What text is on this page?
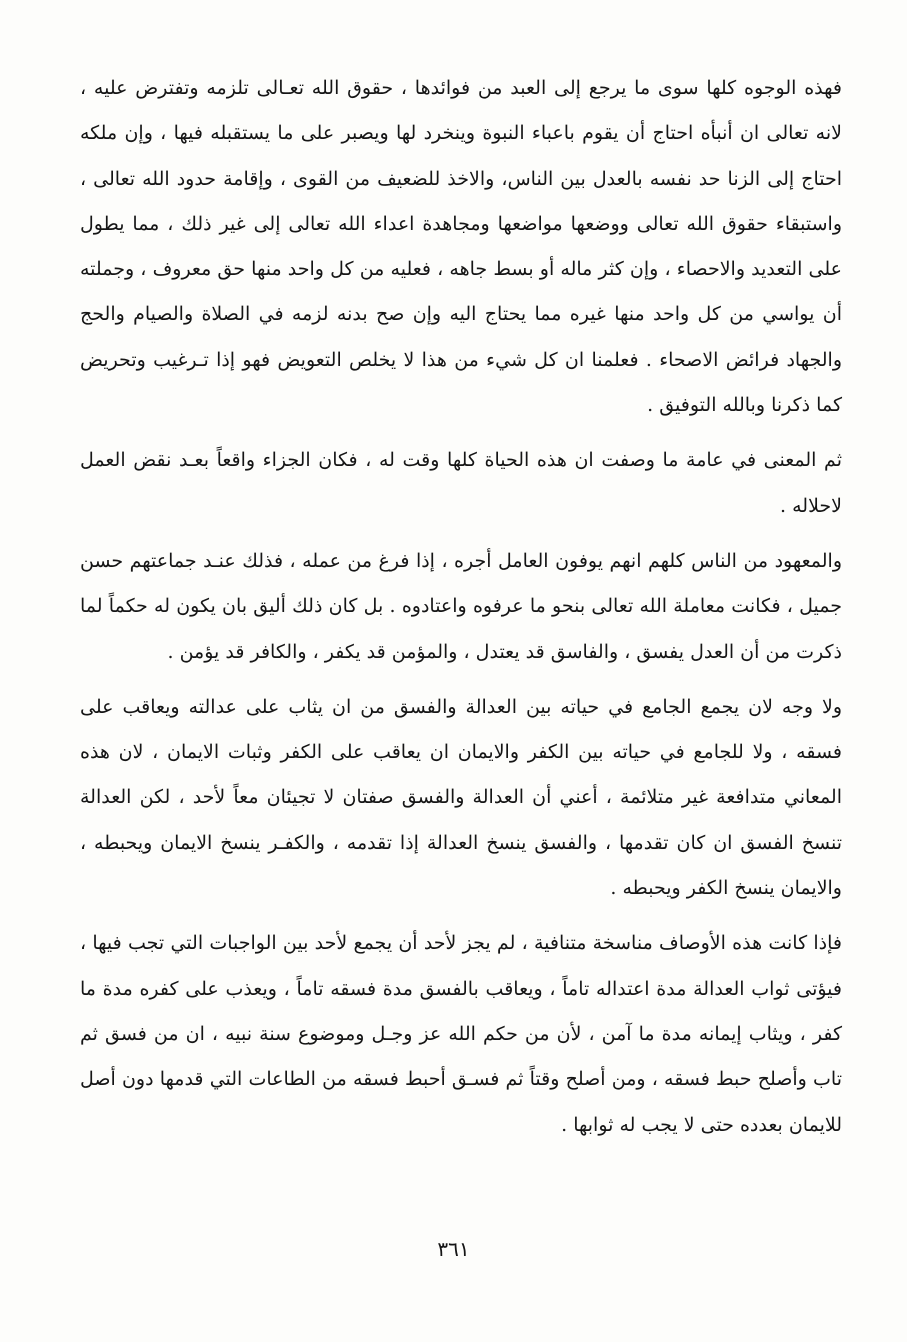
فهذه الوجوه كلها سوى ما يرجع إلى العبد من فوائدها ، حقوق الله تعـالى تلزمه وتفترض عليه ، لانه تعالى ان أنبأه احتاج أن يقوم باعباء النبوة وينخرد لها ويصبر على ما يستقبله فيها ، وإن ملكه احتاج إلى الزنا حد نفسه بالعدل بين الناس، والاخذ للضعيف من القوى ، وإقامة حدود الله تعالى ، واستبقاء حقوق الله تعالى ووضعها مواضعها ومجاهدة اعداء الله تعالى إلى غير ذلك ، مما يطول على التعديد والاحصاء ، وإن كثر ماله أو بسط جاهه ، فعليه من كل واحد منها حق معروف ، وجملته أن يواسي من كل واحد منها غيره مما يحتاج اليه وإن صح بدنه لزمه في الصلاة والصيام والحج والجهاد فرائض الاصحاء . فعلمنا ان كل شيء من هذا لا يخلص التعويض فهو إذا تـرغيب وتحريض كما ذكرنا وبالله التوفيق .

ثم المعنى في عامة ما وصفت ان هذه الحياة كلها وقت له ، فكان الجزاء واقعاً بعـد نقض العمل لاحلاله .

والمعهود من الناس كلهم انهم يوفون العامل أجره ، إذا فرغ من عمله ، فذلك عنـد جماعتهم حسن جميل ، فكانت معاملة الله تعالى بنحو ما عرفوه واعتادوه . بل كان ذلك أليق بان يكون له حكماً لما ذكرت من أن العدل يفسق ، والفاسق قد يعتدل ، والمؤمن قد يكفر ، والكافر قد يؤمن .

ولا وجه لان يجمع الجامع في حياته بين العدالة والفسق من ان يثاب على عدالته ويعاقب على فسقه ، ولا للجامع في حياته بين الكفر والايمان ان يعاقب على الكفر وثبات الايمان ، لان هذه المعاني متدافعة غير متلائمة ، أعني أن العدالة والفسق صفتان لا تجيئان معاً لأحد ، لكن العدالة تنسخ الفسق ان كان تقدمها ، والفسق ينسخ العدالة إذا تقدمه ، والكفـر ينسخ الايمان ويحبطه ، والايمان ينسخ الكفر ويحبطه .

فإذا كانت هذه الأوصاف مناسخة متنافية ، لم يجز لأحد أن يجمع لأحد بين الواجبات التي تجب فيها ، فيؤتى ثواب العدالة مدة اعتداله تاماً ، ويعاقب بالفسق مدة فسقه تاماً ، ويعذب على كفره مدة ما كفر ، ويثاب إيمانه مدة ما آمن ، لأن من حكم الله عز وجـل وموضوع سنة نبيه ، ان من فسق ثم تاب وأصلح حبط فسقه ، ومن أصلح وقتاً ثم فسـق أحبط فسقه من الطاعات التي قدمها دون أصل للايمان بعدده حتى لا يجب له ثوابها .

٣٦١
